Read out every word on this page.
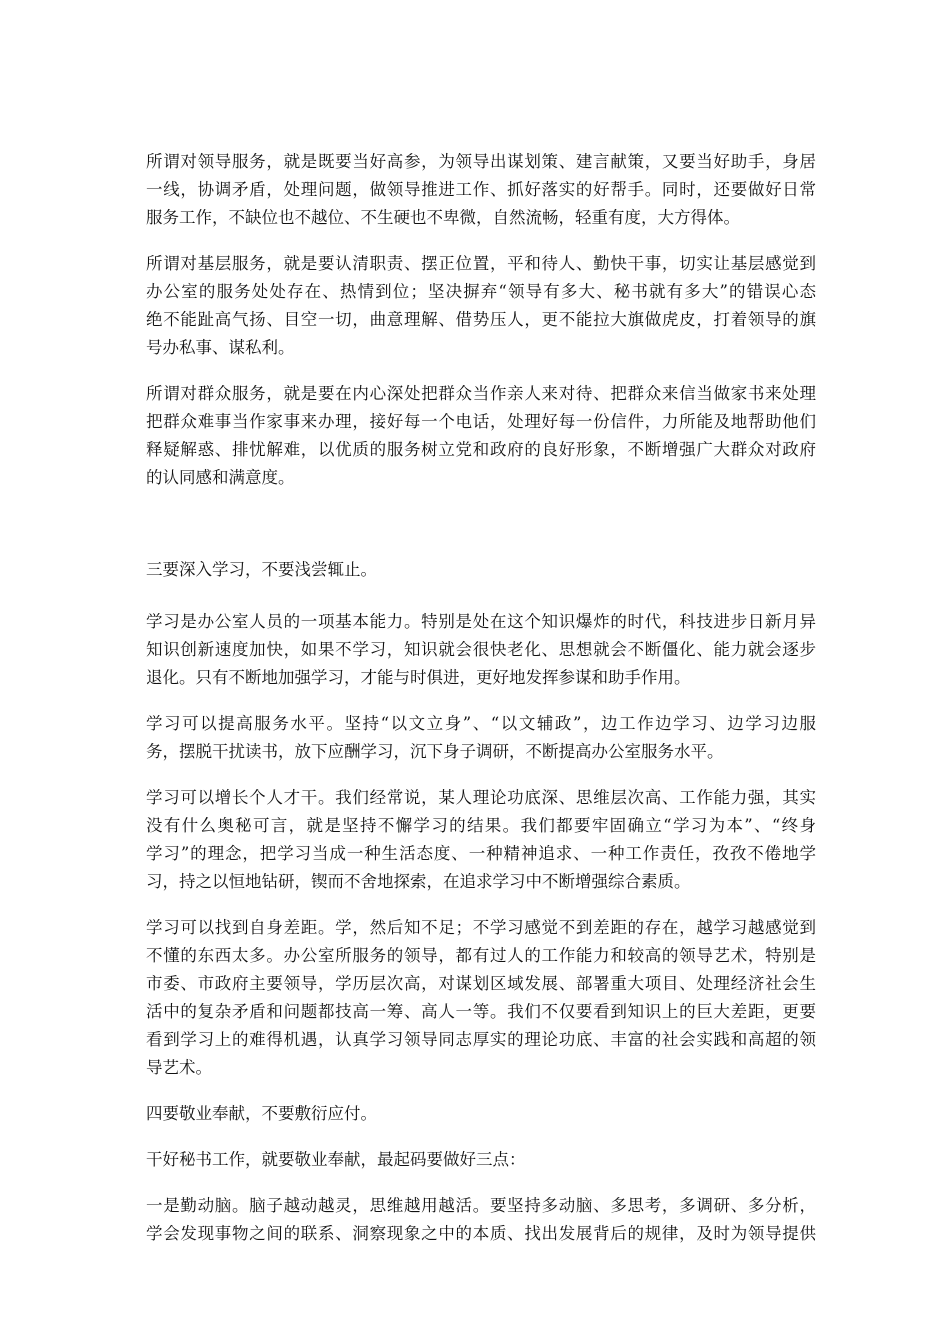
所谓对领导服务，就是既要当好高参，为领导出谋划策、建言献策，又要当好助手，身居
一线，协调矛盾，处理问题，做领导推进工作、抓好落实的好帮手。同时，还要做好日常
服务工作，不缺位也不越位、不生硬也不卑微，自然流畅，轻重有度，大方得体。
所谓对基层服务，就是要认清职责、摆正位置，平和待人、勤快干事，切实让基层感觉到
办公室的服务处处存在、热情到位；坚决摒弃“领导有多大、秘书就有多大”的错误心态
绝不能趾高气扬、目空一切，曲意理解、借势压人，更不能拉大旗做虎皮，打着领导的旗
号办私事、谋私利。
所谓对群众服务，就是要在内心深处把群众当作亲人来对待、把群众来信当做家书来处理
把群众难事当作家事来办理，接好每一个电话，处理好每一份信件，力所能及地帮助他们
释疑解惑、排忧解难，以优质的服务树立党和政府的良好形象，不断增强广大群众对政府
的认同感和满意度。
三要深入学习，不要浅尝辄止。
学习是办公室人员的一项基本能力。特别是处在这个知识爆炸的时代，科技进步日新月异
知识创新速度加快，如果不学习，知识就会很快老化、思想就会不断僵化、能力就会逐步
退化。只有不断地加强学习，才能与时俱进，更好地发挥参谋和助手作用。
学习可以提高服务水平。坚持“以文立身”、“以文辅政”，边工作边学习、边学习边服
务，摆脱干扰读书，放下应酬学习，沉下身子调研，不断提高办公室服务水平。
学习可以增长个人才干。我们经常说，某人理论功底深、思维层次高、工作能力强，其实
没有什么奥秘可言，就是坚持不懈学习的结果。我们都要牢固确立“学习为本”、“终身
学习”的理念，把学习当成一种生活态度、一种精神追求、一种工作责任，孜孜不倦地学
习，持之以恒地钻研，锲而不舍地探索，在追求学习中不断增强综合素质。
学习可以找到自身差距。学，然后知不足；不学习感觉不到差距的存在，越学习越感觉到
不懂的东西太多。办公室所服务的领导，都有过人的工作能力和较高的领导艺术，特别是
市委、市政府主要领导，学历层次高，对谋划区域发展、部署重大项目、处理经济社会生
活中的复杂矛盾和问题都技高一筹、高人一等。我们不仅要看到知识上的巨大差距，更要
看到学习上的难得机遇，认真学习领导同志厚实的理论功底、丰富的社会实践和高超的领
导艺术。
四要敬业奉献，不要敷衍应付。
干好秘书工作，就要敬业奉献，最起码要做好三点：
一是勤动脑。脑子越动越灵，思维越用越活。要坚持多动脑、多思考，多调研、多分析，
学会发现事物之间的联系、洞察现象之中的本质、找出发展背后的规律，及时为领导提供
